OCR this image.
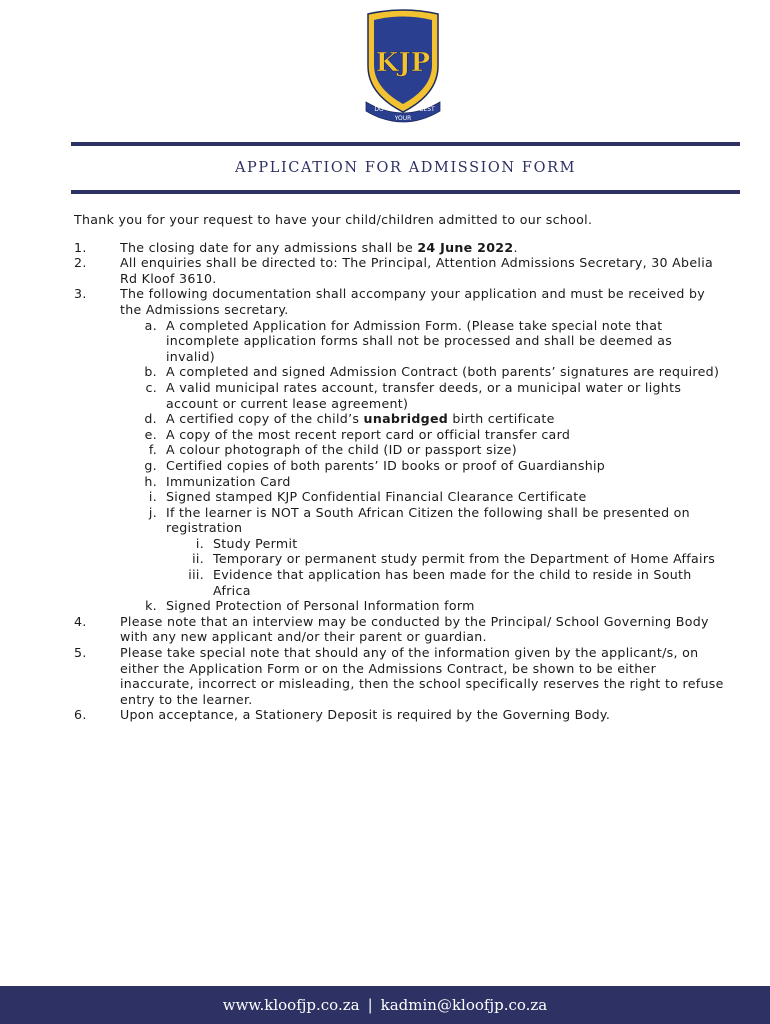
KJP
DO
YOUR
BEST
APPLICATION FOR ADMISSION FORM

Thank you for your request to have your child/children admitted to our school.

1.	The closing date for any admissions shall be 24 June 2022.
2.	All enquiries shall be directed to: The Principal, Attention Admissions Secretary, 30 Abelia Rd Kloof 3610.
3.	The following documentation shall accompany your application and must be received by the Admissions secretary.
a. A completed Application for Admission Form. (Please take special note that incomplete application forms shall not be processed and shall be deemed as invalid)
b. A completed and signed Admission Contract (both parents’ signatures are required)
c. A valid municipal rates account, transfer deeds, or a municipal water or lights account or current lease agreement)
d. A certified copy of the child’s unabridged birth certificate
e. A copy of the most recent report card or official transfer card
f. A colour photograph of the child (ID or passport size)
g. Certified copies of both parents’ ID books or proof of Guardianship
h. Immunization Card
i. Signed stamped KJP Confidential Financial Clearance Certificate
j. If the learner is NOT a South African Citizen the following shall be presented on registration
i. Study Permit
ii. Temporary or permanent study permit from the Department of Home Affairs
iii. Evidence that application has been made for the child to reside in South Africa
k. Signed Protection of Personal Information form
4.	Please note that an interview may be conducted by the Principal/ School Governing Body with any new applicant and/or their parent or guardian.
5.	Please take special note that should any of the information given by the applicant/s, on either the Application Form or on the Admissions Contract, be shown to be either inaccurate, incorrect or misleading, then the school specifically reserves the right to refuse entry to the learner.
6.	Upon acceptance, a Stationery Deposit is required by the Governing Body.
www.kloofjp.co.za | kadmin@kloofjp.co.za
